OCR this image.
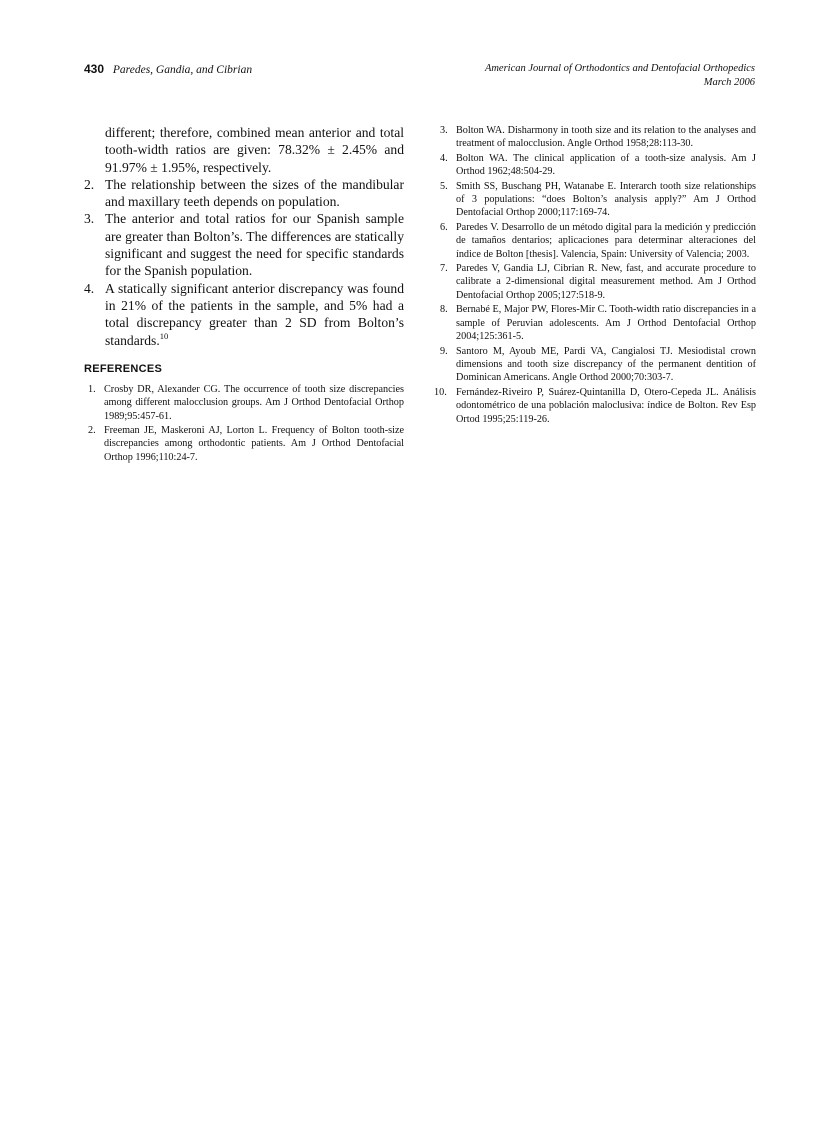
430 Paredes, Gandia, and Cibrian	American Journal of Orthodontics and Dentofacial Orthopedics
March 2006
different; therefore, combined mean anterior and total tooth-width ratios are given: 78.32% ± 2.45% and 91.97% ± 1.95%, respectively.
2. The relationship between the sizes of the mandibular and maxillary teeth depends on population.
3. The anterior and total ratios for our Spanish sample are greater than Bolton’s. The differences are statically significant and suggest the need for specific standards for the Spanish population.
4. A statically significant anterior discrepancy was found in 21% of the patients in the sample, and 5% had a total discrepancy greater than 2 SD from Bolton’s standards.$^{10}$
REFERENCES
1. Crosby DR, Alexander CG. The occurrence of tooth size discrepancies among different malocclusion groups. Am J Orthod Dentofacial Orthop 1989;95:457-61.
2. Freeman JE, Maskeroni AJ, Lorton L. Frequency of Bolton tooth-size discrepancies among orthodontic patients. Am J Orthod Dentofacial Orthop 1996;110:24-7.
3. Bolton WA. Disharmony in tooth size and its relation to the analyses and treatment of malocclusion. Angle Orthod 1958;28:113-30.
4. Bolton WA. The clinical application of a tooth-size analysis. Am J Orthod 1962;48:504-29.
5. Smith SS, Buschang PH, Watanabe E. Interarch tooth size relationships of 3 populations: “does Bolton’s analysis apply?” Am J Orthod Dentofacial Orthop 2000;117:169-74.
6. Paredes V. Desarrollo de un método digital para la medición y predicción de tamaños dentarios; aplicaciones para determinar alteraciones del índice de Bolton [thesis]. Valencia, Spain: University of Valencia; 2003.
7. Paredes V, Gandia LJ, Cibrian R. New, fast, and accurate procedure to calibrate a 2-dimensional digital measurement method. Am J Orthod Dentofacial Orthop 2005;127:518-9.
8. Bernabé E, Major PW, Flores-Mir C. Tooth-width ratio discrepancies in a sample of Peruvian adolescents. Am J Orthod Dentofacial Orthop 2004;125:361-5.
9. Santoro M, Ayoub ME, Pardi VA, Cangialosi TJ. Mesiodistal crown dimensions and tooth size discrepancy of the permanent dentition of Dominican Americans. Angle Orthod 2000;70:303-7.
10. Fernández-Riveiro P, Suárez-Quintanilla D, Otero-Cepeda JL. Análisis odontométrico de una población maloclusiva: índice de Bolton. Rev Esp Ortod 1995;25:119-26.
